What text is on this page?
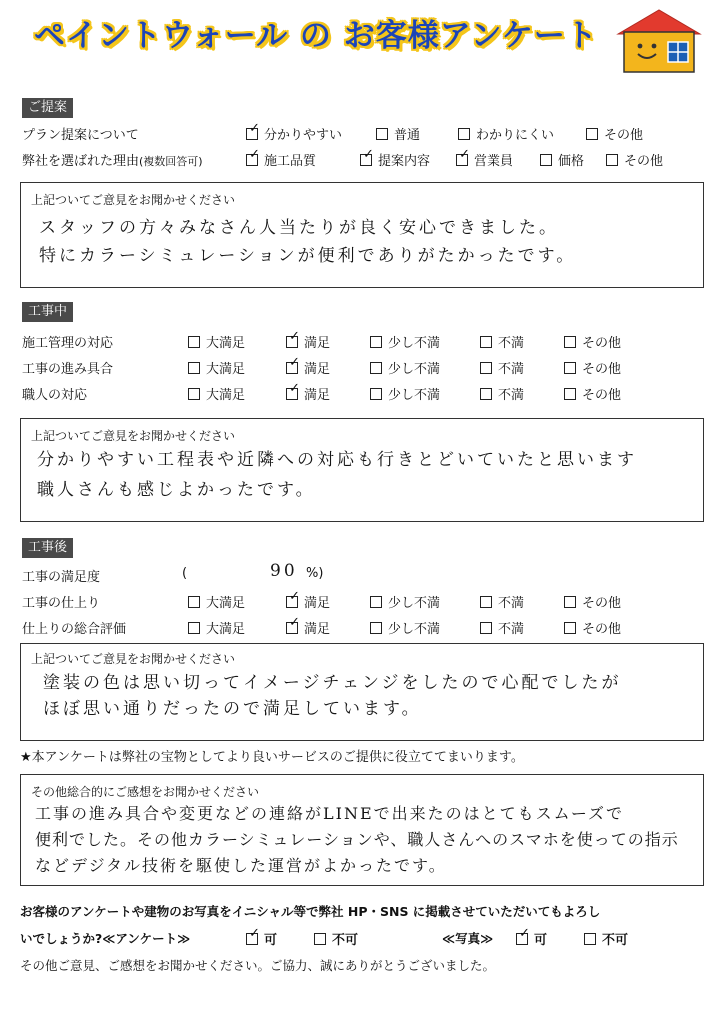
ペイントウォール の お客様アンケート
ご提案
プラン提案について	✓ 分かりやすい	普通	わかりにくい	その他
弊社を選ばれた理由(複数回答可)	✓ 施工品質	✓ 提案内容 ✓ 営業員	価格	その他
上記ついてご意見をお聞かせください
スタッフの方々みなさん人当たりが良く安心できました。
特にカラーシミュレーションが便利でありがたかったです。
工事中
施工管理の対応	大満足	✓ 満足	少し不満	不満	その他
工事の進み具合	大満足	✓ 満足	少し不満	不満	その他
職人の対応	大満足	✓ 満足	少し不満	不満	その他
上記ついてご意見をお聞かせください
分かりやすい工程表や近隣への対応も行きとどいていたと思います
職人さんも感じよかったです。
工事後
工事の満足度	(	90 %)
工事の仕上り	大満足	✓ 満足	少し不満	不満	その他
仕上りの総合評価	大満足	✓ 満足	少し不満	不満	その他
上記ついてご意見をお聞かせください
塗装の色は思い切ってイメージチェンジをしたので心配でしたが
ほぼ思い通りだったので満足しています。
★本アンケートは弊社の宝物としてより良いサービスのご提供に役立ててまいります。
その他総合的にご感想をお聞かせください
工事の進み具合や変更などの連絡がLINEで出来たのはとてもスムーズで
便利でした。その他カラーシミュレーションや、職人さんへのスマホを使っての指示
などデジタル技術を駆使した運営がよかったです。
お客様のアンケートや建物のお写真をイニシャル等で弊社 HP・SNS に掲載させていただいてもよろし
いでしょうか?≪アンケート≫	✓ 可	不可	≪写真≫ ✓ 可	不可
その他ご意見、ご感想をお聞かせください。ご協力、誠にありがとうございました。
